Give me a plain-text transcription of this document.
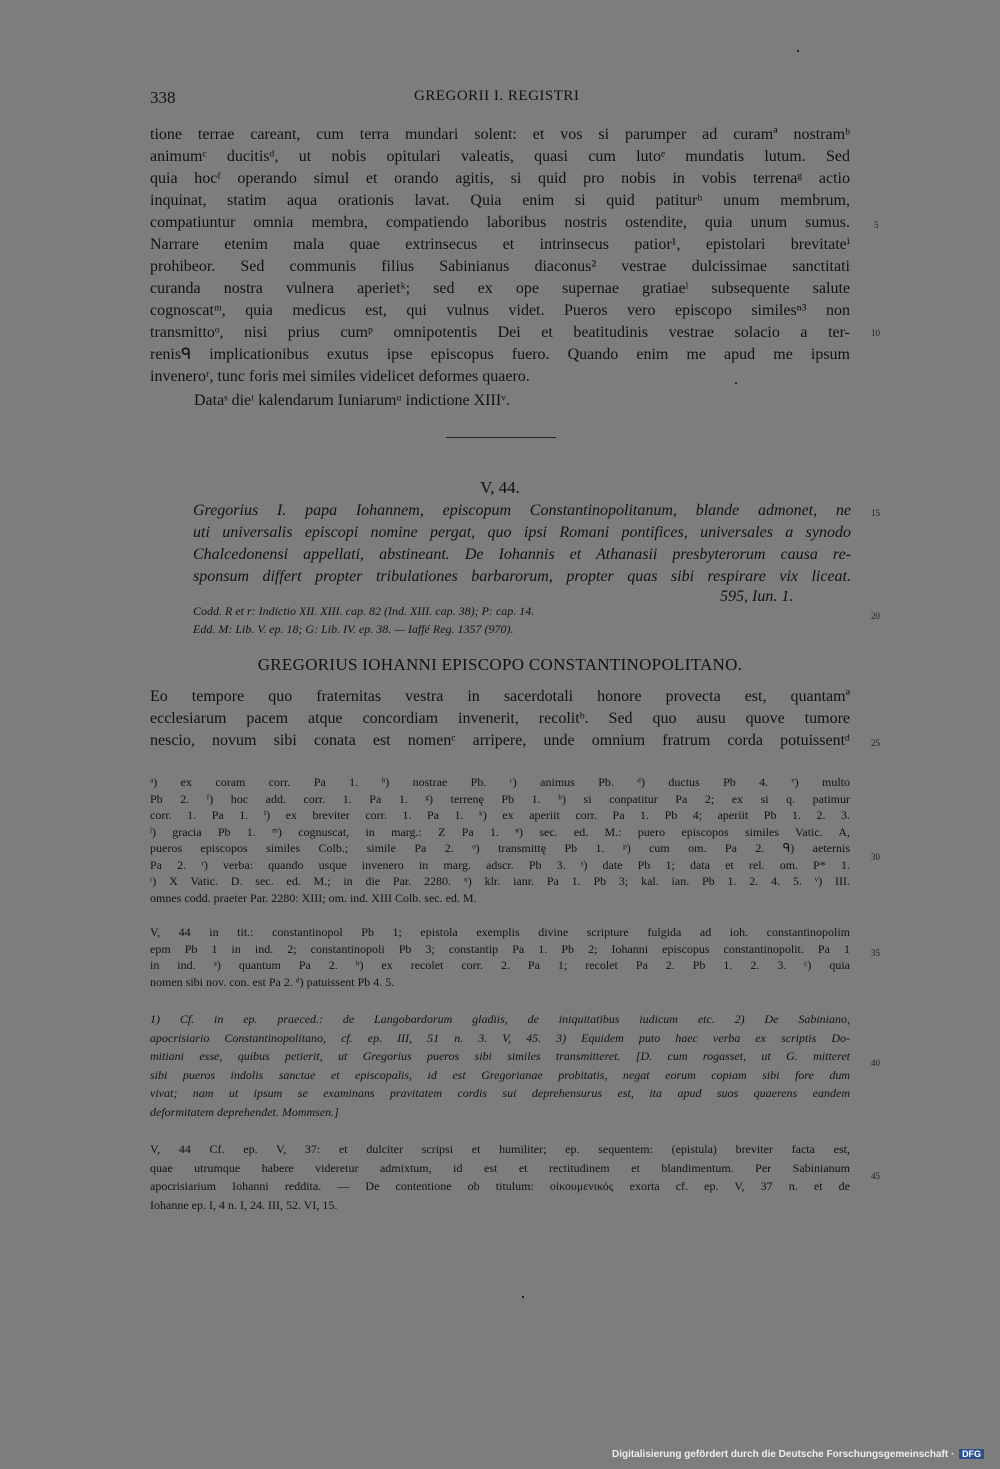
338	GREGORII I. REGISTRI
tione terrae careant, cum terra mundari solent: et vos si parumper ad curamª nostramᵇ
animumᶜ ducitisᵈ, ut nobis opitulari valeatis, quasi cum lutoᵉ mundatis lutum. Sed
quia hocᶠ operando simul et orando agitis, si quid pro nobis in vobis terrenaᵍ actio
inquinat, statim aqua orationis lavat. Quia enim si quid patiturʰ unum membrum,
compatiuntur omnia membra, compatiendo laboribus nostris ostendite, quia unum sumus.
Narrare etenim mala quae extrinsecus et intrinsecus patior¹, epistolari brevitateⁱ
prohibeor. Sed communis filius Sabinianus diaconus² vestrae dulcissimae sanctitati
curanda nostra vulnera aperietᵏ; sed ex ope supernae gratiaeˡ subsequente salute
cognoscatᵐ, quia medicus est, qui vulnus videt. Pueros vero episcopo similesⁿ³ non
transmittoᵒ, nisi prius cumᵖ omnipotentis Dei et beatitudinis vestrae solacio a ter-
renisᑫ implicationibus exutus ipse episcopus fuero. Quando enim me apud me ipsum
inveneroʳ, tunc foris mei similes videlicet deformes quaero.
Dataˢ dieᵗ kalendarum Iuniarumᵘ indictione XIIIᵛ.
V, 44.
Gregorius I. papa Iohannem, episcopum Constantinopolitanum, blande admonet, ne
uti universalis episcopi nomine pergat, quo ipsi Romani pontifices, universales a synodo
Chalcedonensi appellati, abstineant. De Iohannis et Athanasii presbyterorum causa re-
sponsum differt propter tribulationes barbarorum, propter quas sibi respirare vix liceat.
595, Iun. 1.
Codd. R et r: Indictio XII. XIII. cap. 82 (Ind. XIII. cap. 38); P: cap. 14.
Edd. M: Lib. V. ep. 18; G: Lib. IV. ep. 38. — Iaffé Reg. 1357 (970).
GREGORIUS IOHANNI EPISCOPO CONSTANTINOPOLITANO.
Eo tempore quo fraternitas vestra in sacerdotali honore provecta est, quantamª
ecclesiarum pacem atque concordiam invenerit, recolitᵇ. Sed quo ausu quove tumore
nescio, novum sibi conata est nomenᶜ arripere, unde omnium fratrum corda potuissentᵈ
ᵃ) ex coram corr. Pa 1. ᵇ) nostrae Pb. ᶜ) animus Pb. ᵈ) ductus Pb 4. ᵉ) multo
Pb 2. ᶠ) hoc add. corr. 1. Pa 1. ᵍ) terrenę Pb 1. ʰ) si conpatitur Pa 2; ex si q. patimur
corr. 1. Pa 1. ⁱ) ex breviter corr. 1. Pa 1. ᵏ) ex aperiit corr. Pa 1. Pb 4; aperiit Pb 1. 2. 3.
ˡ) gracia Pb 1. ᵐ) cognuscat, in marg.: Z Pa 1. ⁿ) sec. ed. M.: puero episcopos similes Vatic. A,
pueros episcopos similes Colb.; simile Pa 2. ᵒ) transmittę Pb 1. ᵖ) cum om. Pa 2. ᑫ) aeternis
Pa 2. ʳ) verba: quando usque invenero in marg. adscr. Pb 3. ˢ) date Pb 1; data et rel. om. P* 1.
ᵗ) X Vatic. D. sec. ed. M.; in die Par. 2280. ᵘ) klr. ianr. Pa 1. Pb 3; kal. ian. Pb 1. 2. 4. 5. ᵛ) III.
omnes codd. praeter Par. 2280: XIII; om. ind. XIII Colb. sec. ed. M.
V, 44 in tit.: constantinopol Pb 1; epistola exemplis divine scripture fulgida ad ioh. constantinopolim
epm Pb 1 in ind. 2; constantinopoli Pb 3; constantip Pa 1. Pb 2; Iohanni episcopus constantinopolit. Pa 1
in ind. ᵃ) quantum Pa 2. ᵇ) ex recolet corr. 2. Pa 1; recolet Pa 2. Pb 1. 2. 3. ᶜ) quia
nomen sibi nov. con. est Pa 2. ᵈ) patuissent Pb 4. 5.
1) Cf. in ep. praeced.: de Langobardorum gladiis, de iniquitatibus iudicum etc. 2) De Sabiniano,
apocrisiario Constantinopolitano, cf. ep. III, 51 n. 3. V, 45. 3) Equidem puto haec verba ex scriptis Do-
mitiani esse, quibus petierit, ut Gregorius pueros sibi similes transmitteret. [D. cum rogasset, ut G. mitteret
sibi pueros indolis sanctae et episcopalis, id est Gregorianae probitatis, negat eorum copiam sibi fore dum
vivat; nam ut ipsum se examinans pravitatem cordis sui deprehensurus est, ita apud suos quaerens eandem
deformitatem deprehendet. Mommsen.]
V, 44 Cf. ep. V, 37: et dulciter scripsi et humiliter; ep. sequentem: (epistula) breviter facta est,
quae utrumque habere videretur admixtum, id est et rectitudinem et blandimentum. Per Sabinianum
apocrisiarium Iohanni reddita. — De contentione ob titulum: οἰκουμενικός exorta cf. ep. V, 37 n. et de
Iohanne ep. I, 4 n. I, 24. III, 52. VI, 15.
5
10
15
20
25
30
35
40
45
Digitalisierung gefördert durch die Deutsche Forschungsgemeinschaft · DFG
